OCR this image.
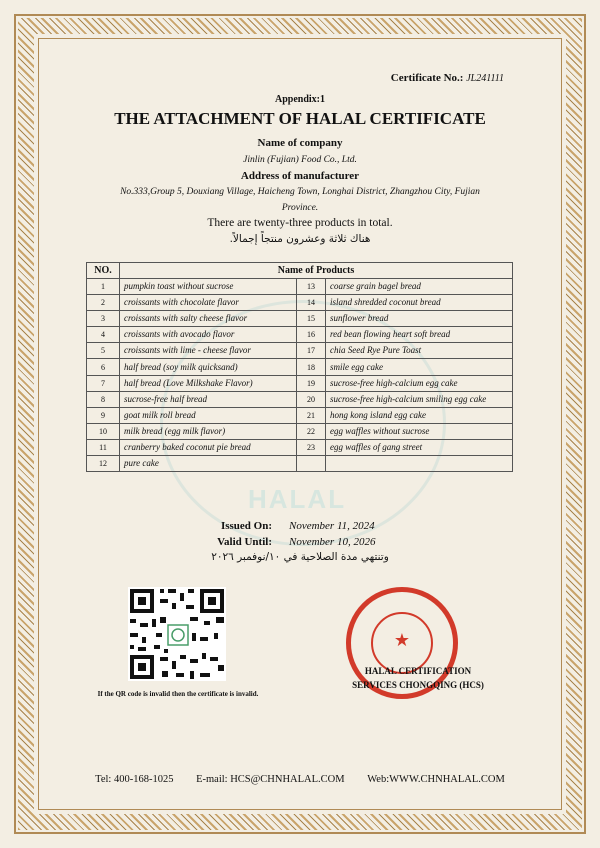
HALAL
Certificate No.: JL241111
Appendix:1
THE ATTACHMENT OF HALAL CERTIFICATE
Name of company
Jinlin (Fujian) Food Co., Ltd.
Address of manufacturer
No.333,Group 5, Douxiang Village, Haicheng Town, Longhai District, Zhangzhou City, Fujian
Province.
There are twenty-three products in total.
هناك ثلاثة وعشرون منتجاً إجمالاً.
NO.	Name of Products		
1	pumpkin toast without sucrose	13	coarse grain bagel bread
2	croissants with chocolate flavor	14	island shredded coconut bread
3	croissants with salty cheese flavor	15	sunflower bread
4	croissants with avocado flavor	16	red bean flowing heart soft bread
5	croissants with lime - cheese flavor	17	chia Seed Rye Pure Toast
6	half bread (soy milk quicksand)	18	smile egg cake
7	half bread (Love Milkshake Flavor)	19	sucrose-free high-calcium egg cake
8	sucrose-free half bread	20	sucrose-free high-calcium smiling egg cake
9	goat milk roll bread	21	hong kong island egg cake
10	milk bread (egg milk flavor)	22	egg waffles without sucrose
11	cranberry baked coconut pie bread	23	egg waffles of gang street
12	pure cake		
Issued On: November 11, 2024
Valid Until: November 10, 2026
وتنتهي مدة الصلاحية في ١٠/نوفمبر ٢٠٢٦
If the QR code is invalid then the certificate is invalid.
★
HALAL CERTIFICATION
SERVICES CHONGQING (HCS)
Tel: 400-168-1025 E-mail: HCS@CHNHALAL.COM Web:WWW.CHNHALAL.COM
